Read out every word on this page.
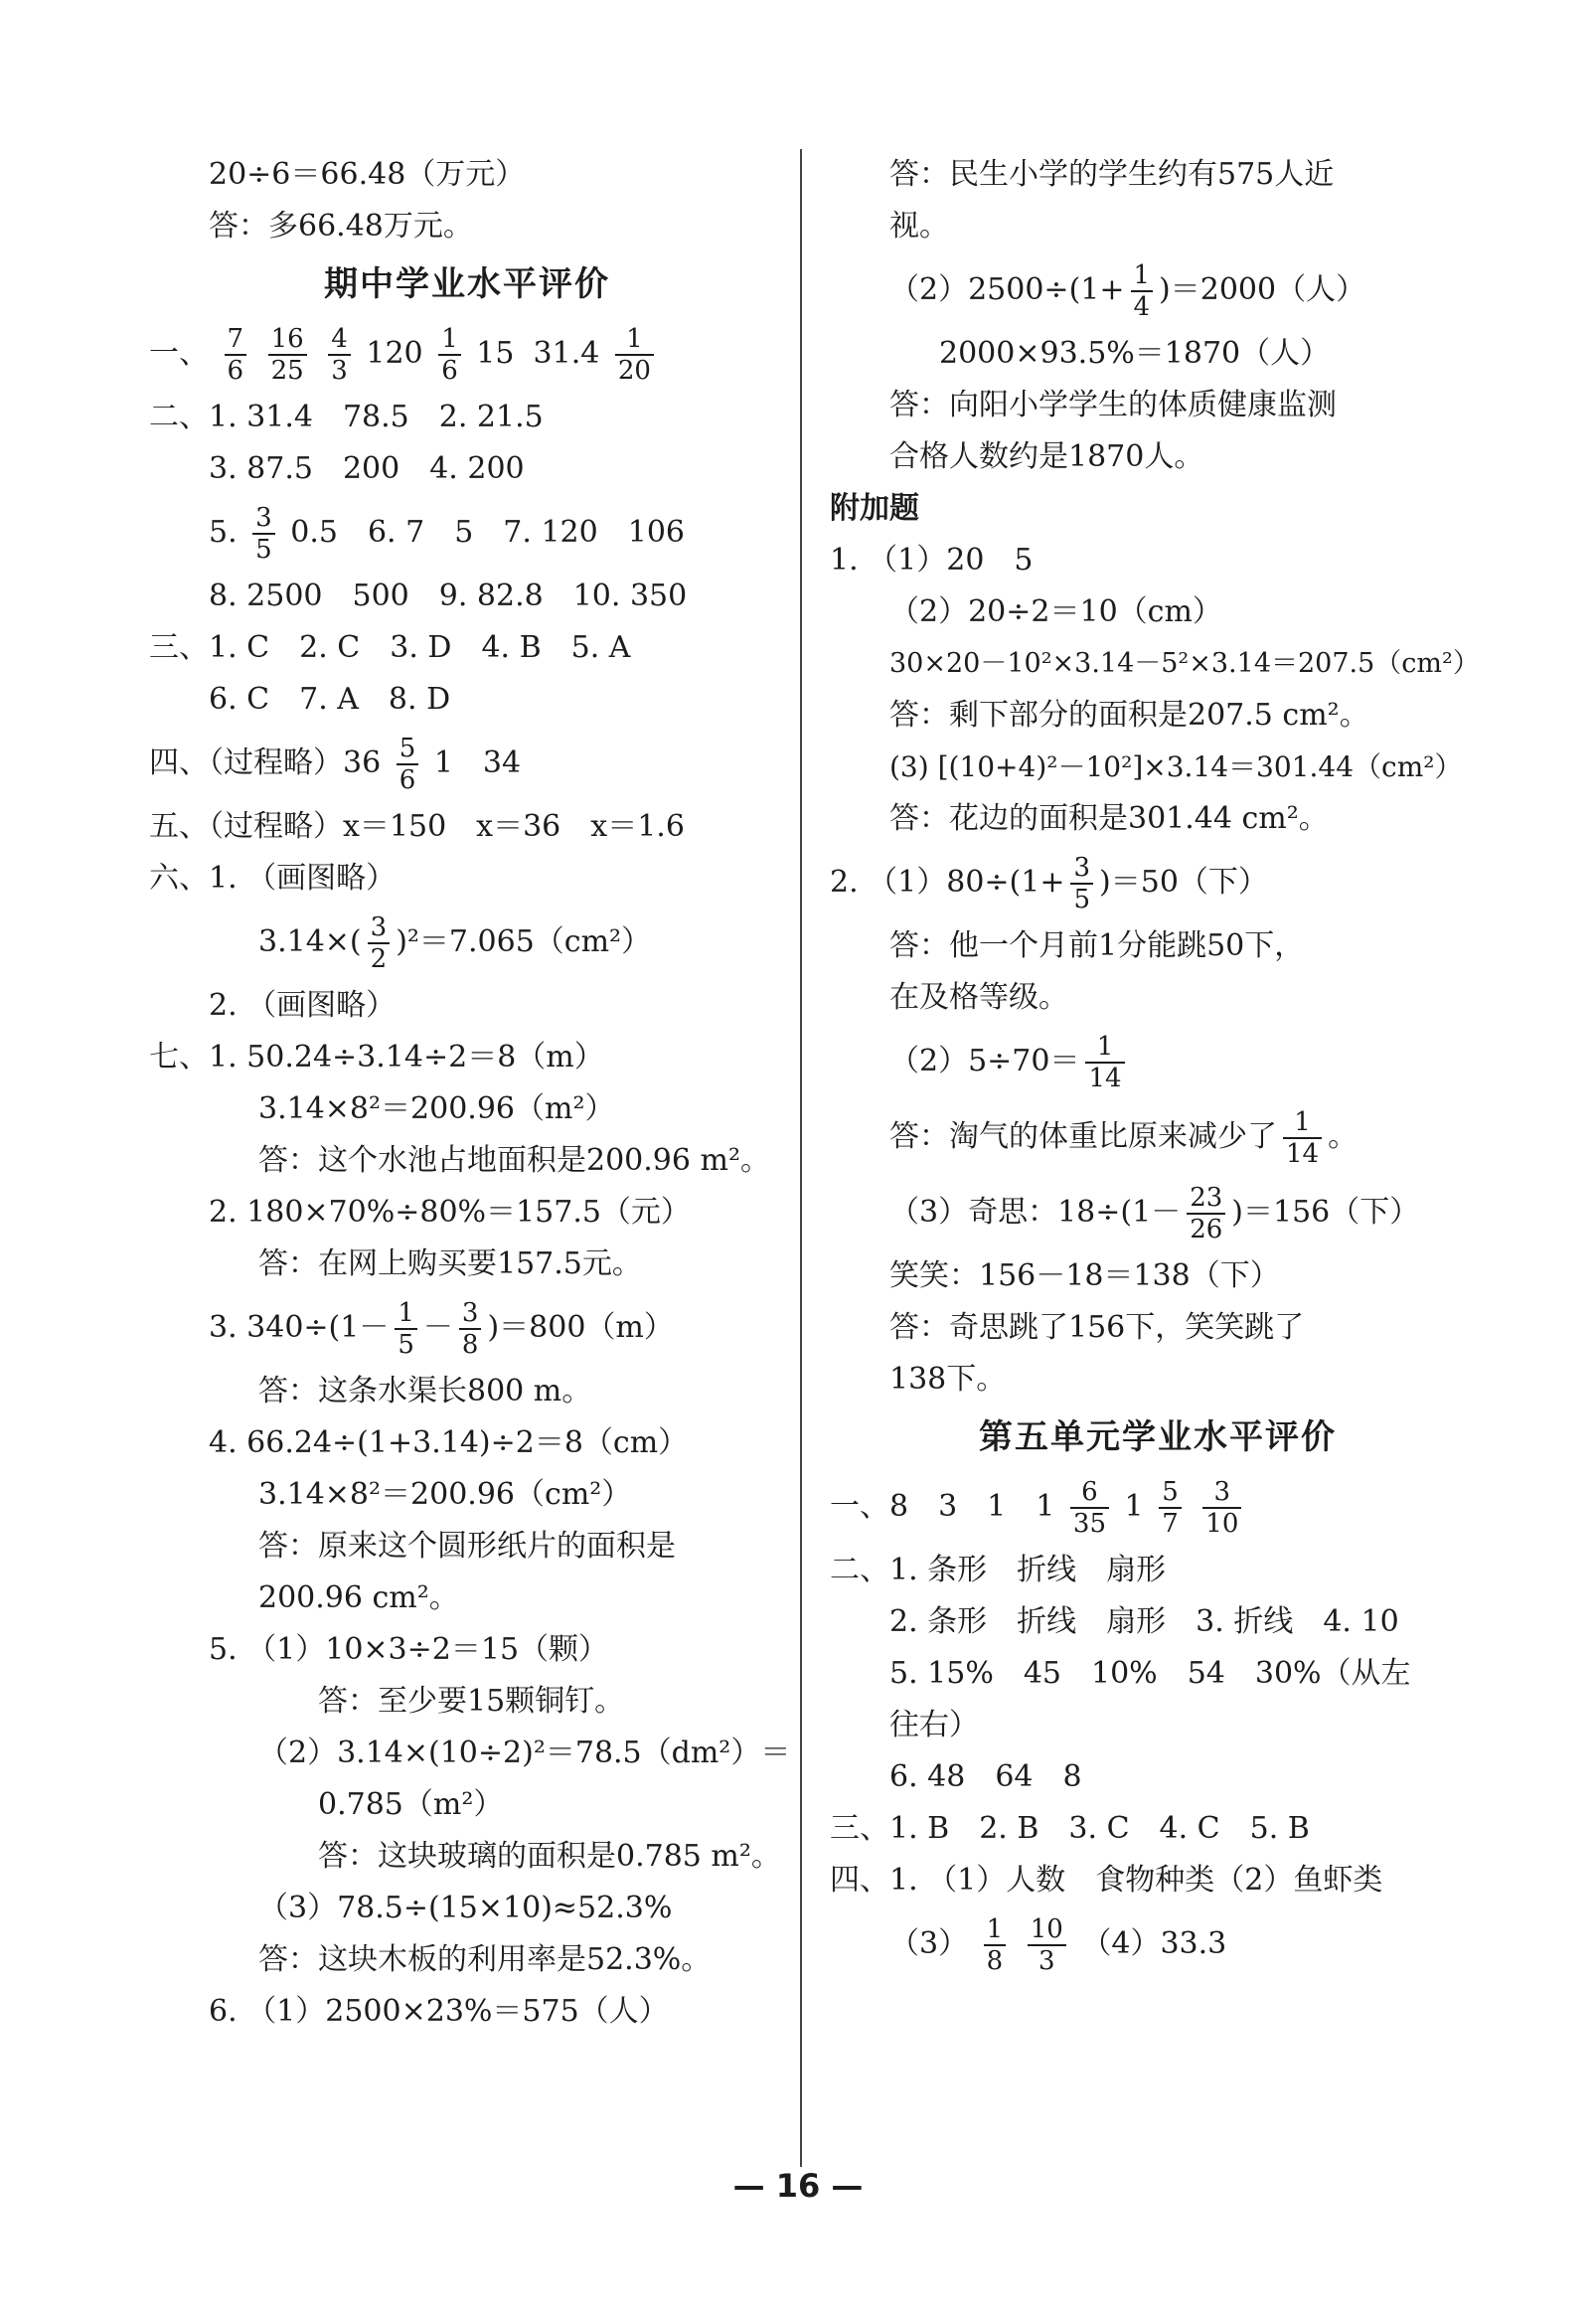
20÷6＝66.48（万元）
答：多66.48万元。
期中学业水平评价
一、 $\frac{7}{6}$
$\frac{16}{25}$
$\frac{4}{3} 120 \frac{1}{6} 15$ $31.4 \frac{1}{20}$
二、1. 31.4　78.5　2. 21.5
3. 87.5　200　4. 200
5. $\frac{3}{5} 0.5$　6. 7　5　7. 120　106
8. 2500　500　9. 82.8　10. 350
三、1. C　2. C　3. D　4. B　5. A
6. C　7. A　8. D
四、（过程略）$36 \frac{5}{6} 1$　34
五、（过程略）x＝150　x＝36　x＝1.6
六、1. （画图略）
$3.14\times( \frac{3}{2} )^2=7.065(cm^2)$
2. （画图略）
七、1. 50.24÷3.14÷2＝8（m）
3.14×8²＝200.96（m²）
答：这个水池占地面积是200.96 m²。
2. 180×70%÷80%＝157.5（元）
答：在网上购买要157.5元。
3. $340\div(1- \frac{1}{5} - \frac{3}{8} )=800(m)$
答：这条水渠长800 m。
4. 66.24÷(1+3.14)÷2＝8（cm）
3.14×8²＝200.96（cm²）
答：原来这个圆形纸片的面积是
200.96 cm²。
5. （1）10×3÷2＝15（颗）
答：至少要15颗铜钉。
（2）3.14×(10÷2)²＝78.5（dm²）＝
0.785（m²）
答：这块玻璃的面积是0.785 m²。
（3）78.5÷(15×10)≈52.3%
答：这块木板的利用率是52.3%。
6. （1）2500×23%＝575（人）
答：民生小学的学生约有575人近
视。
$(2)2500\div(1+ \frac{1}{4} )=2000$（人）
2000×93.5%＝1870（人）
答：向阳小学学生的体质健康监测
合格人数约是1870人。
附加题
1. （1）20　5
（2）20÷2＝10（cm）
30×20－10²×3.14－5²×3.14＝207.5（cm²）
答：剩下部分的面积是207.5 cm²。
(3) [(10+4)²－10²]×3.14＝301.44（cm²）
答：花边的面积是301.44 cm²。
2. $(1)80\div(1+ \frac{3}{5} )=50$（下）
答：他一个月前1分能跳50下，
在及格等级。
$(2)5\div 70= \frac{1}{14}$
答：淘气的体重比原来减少了 $\frac{1}{14}$ 。
（3）奇思：$18\div(1- \frac{23}{26} )=156$（下）
笑笑：156－18＝138（下）
答：奇思跳了156下，笑笑跳了
138下。
第五单元学业水平评价
一、8　3　1　$1 \frac{6}{35} 1 \frac{5}{7}$
$\frac{3}{10}$
二、1. 条形　折线　扇形
2. 条形　折线　扇形　3. 折线　4. 10
5. 15%　45　10%　54　30%（从左
往右）
6. 48　64　8
三、1. B　2. B　3. C　4. C　5. B
四、1. （1）人数　食物种类（2）鱼虾类
$(3) \frac{1}{8}$
$\frac{10}{3} (4)33.3$
— 16 —
